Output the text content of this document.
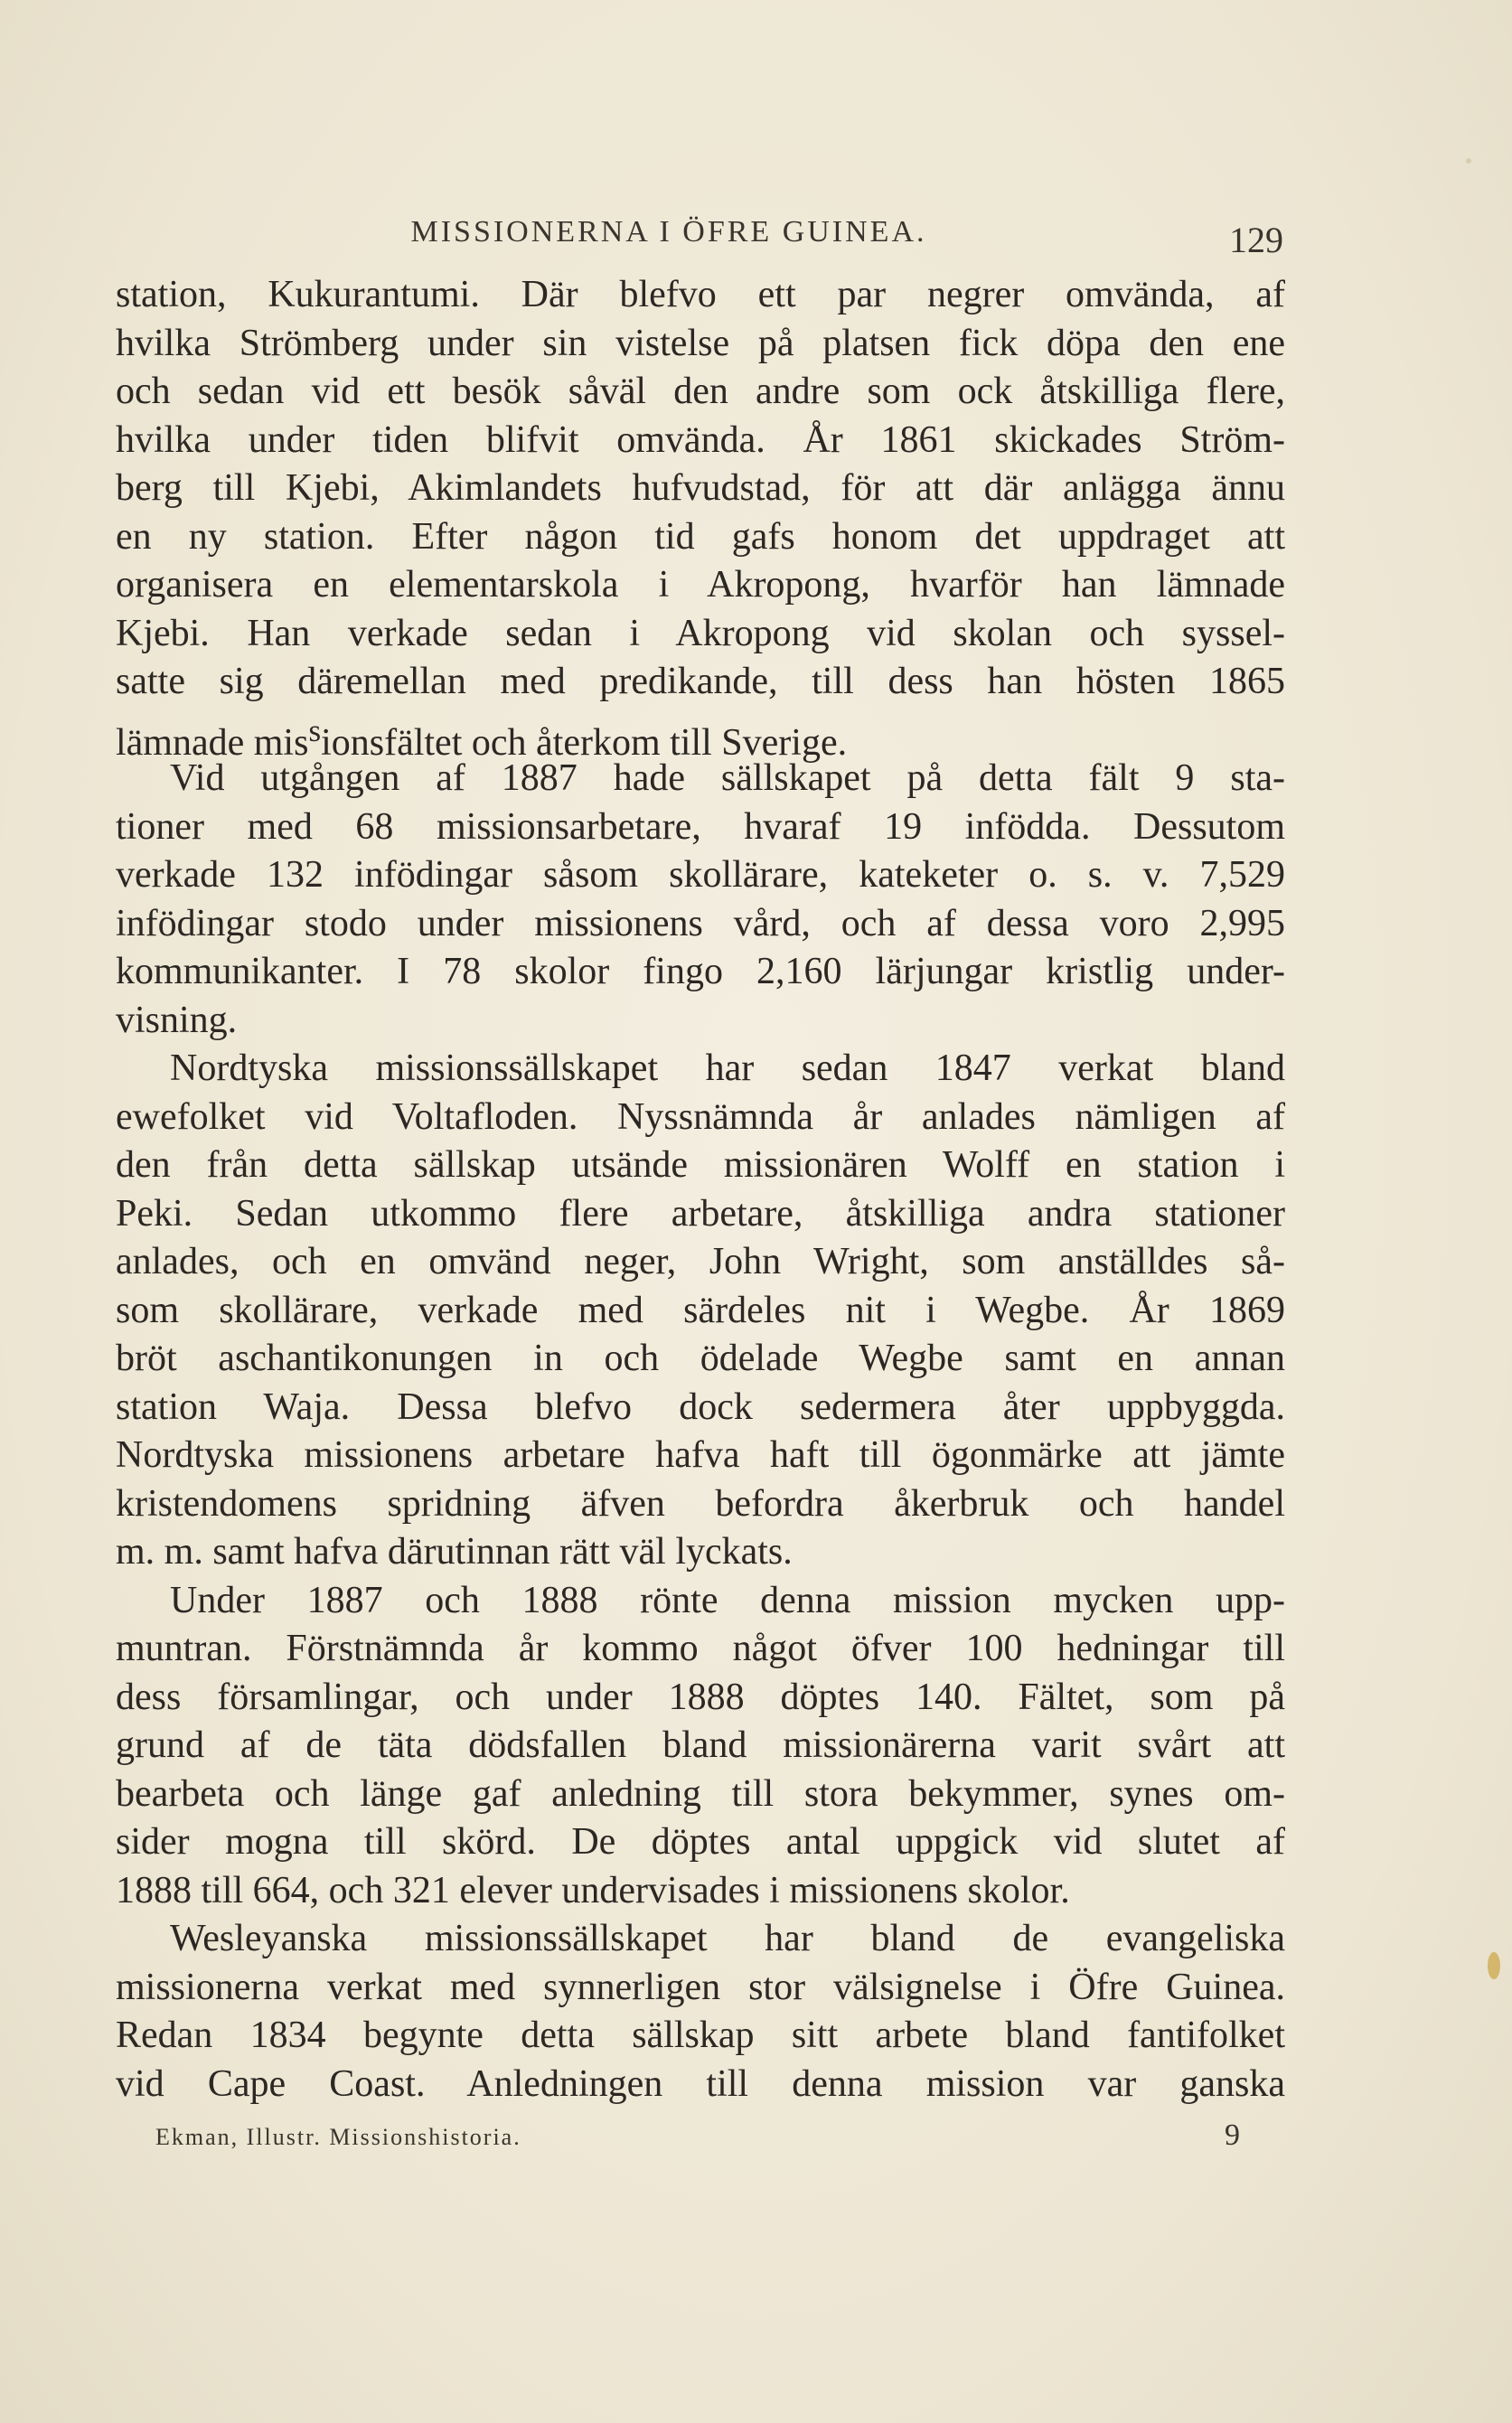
MISSIONERNA I ÖFRE GUINEA.	129
station, Kukurantumi. Där blefvo ett par negrer omvända, af
hvilka Strömberg under sin vistelse på platsen fick döpa den ene
och sedan vid ett besök såväl den andre som ock åtskilliga flere,
hvilka under tiden blifvit omvända. År 1861 skickades Ström-
berg till Kjebi, Akimlandets hufvudstad, för att där anlägga ännu
en ny station. Efter någon tid gafs honom det uppdraget att
organisera en elementarskola i Akropong, hvarför han lämnade
Kjebi. Han verkade sedan i Akropong vid skolan och syssel-
satte sig däremellan med predikande, till dess han hösten 1865
lämnade mis$^s$ionsfältet och återkom till Sverige.
Vid utgången af 1887 hade sällskapet på detta fält 9 sta-
tioner med 68 missionsarbetare, hvaraf 19 infödda. Dessutom
verkade 132 infödingar såsom skollärare, kateketer o. s. v. 7,529
infödingar stodo under missionens vård, och af dessa voro 2,995
kommunikanter. I 78 skolor fingo 2,160 lärjungar kristlig under-
visning.
Nordtyska missionssällskapet har sedan 1847 verkat bland
ewefolket vid Voltafloden. Nyssnämnda år anlades nämligen af
den från detta sällskap utsände missionären Wolff en station i
Peki. Sedan utkommo flere arbetare, åtskilliga andra stationer
anlades, och en omvänd neger, John Wright, som anställdes så-
som skollärare, verkade med särdeles nit i Wegbe. År 1869
bröt aschantikonungen in och ödelade Wegbe samt en annan
station Waja. Dessa blefvo dock sedermera åter uppbyggda.
Nordtyska missionens arbetare hafva haft till ögonmärke att jämte
kristendomens spridning äfven befordra åkerbruk och handel
m. m. samt hafva därutinnan rätt väl lyckats.
Under 1887 och 1888 rönte denna mission mycken upp-
muntran. Förstnämnda år kommo något öfver 100 hedningar till
dess församlingar, och under 1888 döptes 140. Fältet, som på
grund af de täta dödsfallen bland missionärerna varit svårt att
bearbeta och länge gaf anledning till stora bekymmer, synes om-
sider mogna till skörd. De döptes antal uppgick vid slutet af
1888 till 664, och 321 elever undervisades i missionens skolor.
Wesleyanska missionssällskapet har bland de evangeliska
missionerna verkat med synnerligen stor välsignelse i Öfre Guinea.
Redan 1834 begynte detta sällskap sitt arbete bland fantifolket
vid Cape Coast. Anledningen till denna mission var ganska
Ekman, Illustr. Missionshistoria.	9
